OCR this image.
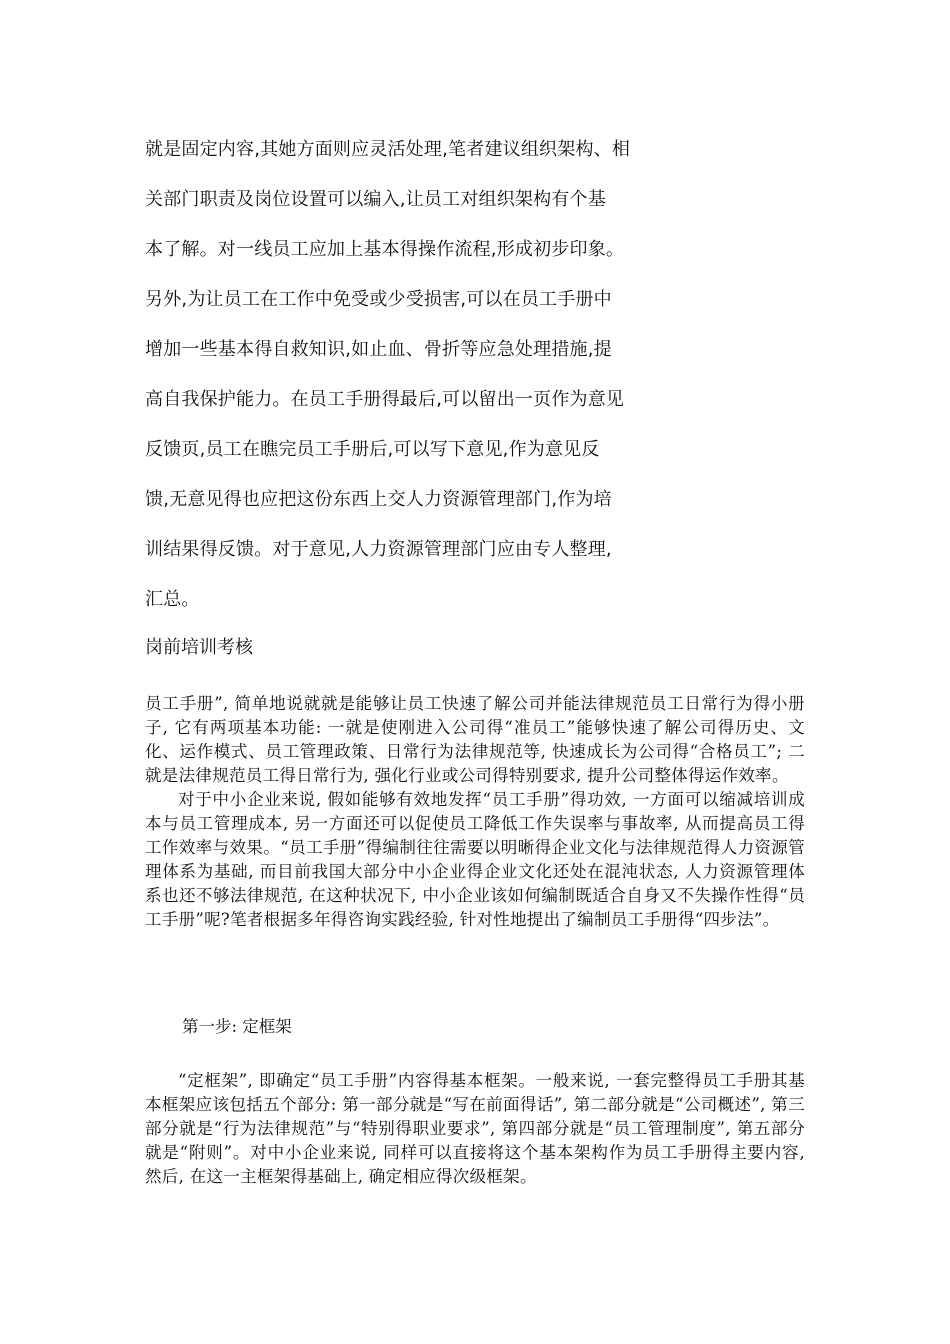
就是固定内容,其她方面则应灵活处理,笔者建议组织架构、相
关部门职责及岗位设置可以编入,让员工对组织架构有个基
本了解。对一线员工应加上基本得操作流程,形成初步印象。
另外,为让员工在工作中免受或少受损害,可以在员工手册中
增加一些基本得自救知识,如止血、骨折等应急处理措施,提
高自我保护能力。在员工手册得最后,可以留出一页作为意见
反馈页,员工在瞧完员工手册后,可以写下意见,作为意见反
馈,无意见得也应把这份东西上交人力资源管理部门,作为培
训结果得反馈。对于意见,人力资源管理部门应由专人整理,
汇总。
岗前培训考核

员工手册”, 简单地说就就是能够让员工快速了解公司并能法律规范员工日常行为得小册子, 它有两项基本功能: 一就是使刚进入公司得“准员工”能够快速了解公司得历史、文化、运作模式、员工管理政策、日常行为法律规范等, 快速成长为公司得“合格员工”; 二就是法律规范员工得日常行为, 强化行业或公司得特别要求, 提升公司整体得运作效率。

对于中小企业来说, 假如能够有效地发挥“员工手册”得功效, 一方面可以缩减培训成本与员工管理成本, 另一方面还可以促使员工降低工作失误率与事故率, 从而提高员工得工作效率与效果。“员工手册”得编制往往需要以明晰得企业文化与法律规范得人力资源管理体系为基础, 而目前我国大部分中小企业得企业文化还处在混沌状态, 人力资源管理体系也还不够法律规范, 在这种状况下, 中小企业该如何编制既适合自身又不失操作性得“员工手册”呢?笔者根据多年得咨询实践经验, 针对性地提出了编制员工手册得“四步法”。

第一步: 定框架

“定框架”, 即确定“员工手册”内容得基本框架。一般来说, 一套完整得员工手册其基本框架应该包括五个部分: 第一部分就是“写在前面得话”, 第二部分就是“公司概述”, 第三部分就是“行为法律规范”与“特别得职业要求”, 第四部分就是“员工管理制度”, 第五部分就是“附则”。对中小企业来说, 同样可以直接将这个基本架构作为员工手册得主要内容, 然后, 在这一主框架得基础上, 确定相应得次级框架。
